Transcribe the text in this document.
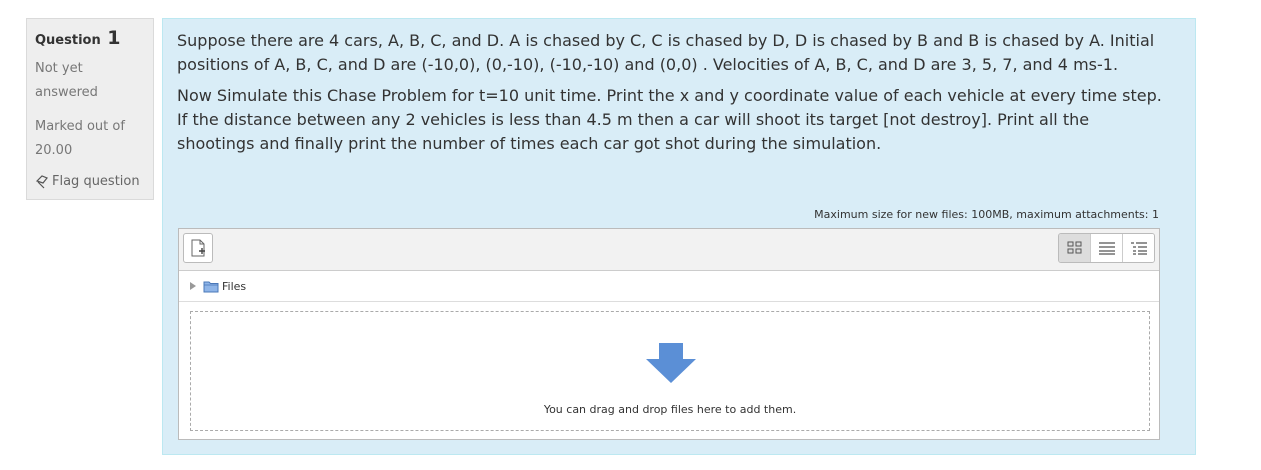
Question 1
Not yet answered
Marked out of 20.00
Flag question

Suppose there are 4 cars, A, B, C, and D. A is chased by C, C is chased by D, D is chased by B and B is chased by A. Initial positions of A, B, C, and D are (-10,0), (0,-10), (-10,-10) and (0,0) . Velocities of A, B, C, and D are 3, 5, 7, and 4 ms-1.

Now Simulate this Chase Problem for t=10 unit time. Print the x and y coordinate value of each vehicle at every time step. If the distance between any 2 vehicles is less than 4.5 m then a car will shoot its target [not destroy]. Print all the shootings and finally print the number of times each car got shot during the simulation.

Maximum size for new files: 100MB, maximum attachments: 1
Files
You can drag and drop files here to add them.
